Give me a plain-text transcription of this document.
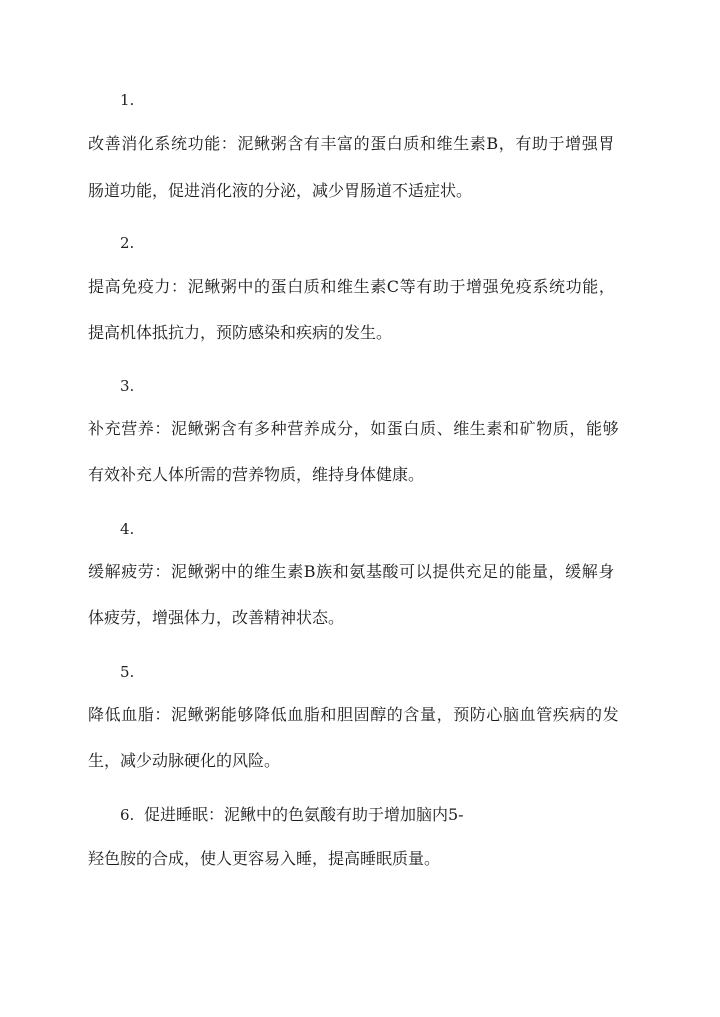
1.
改善消化系统功能：泥鳅粥含有丰富的蛋白质和维生素B，有助于增强胃
肠道功能，促进消化液的分泌，减少胃肠道不适症状。
2.
提高免疫力：泥鳅粥中的蛋白质和维生素C等有助于增强免疫系统功能，
提高机体抵抗力，预防感染和疾病的发生。
3.
补充营养：泥鳅粥含有多种营养成分，如蛋白质、维生素和矿物质，能够
有效补充人体所需的营养物质，维持身体健康。
4.
缓解疲劳：泥鳅粥中的维生素B族和氨基酸可以提供充足的能量，缓解身
体疲劳，增强体力，改善精神状态。
5.
降低血脂：泥鳅粥能够降低血脂和胆固醇的含量，预防心脑血管疾病的发
生，减少动脉硬化的风险。
6. 促进睡眠：泥鳅中的色氨酸有助于增加脑内5-
羟色胺的合成，使人更容易入睡，提高睡眠质量。
